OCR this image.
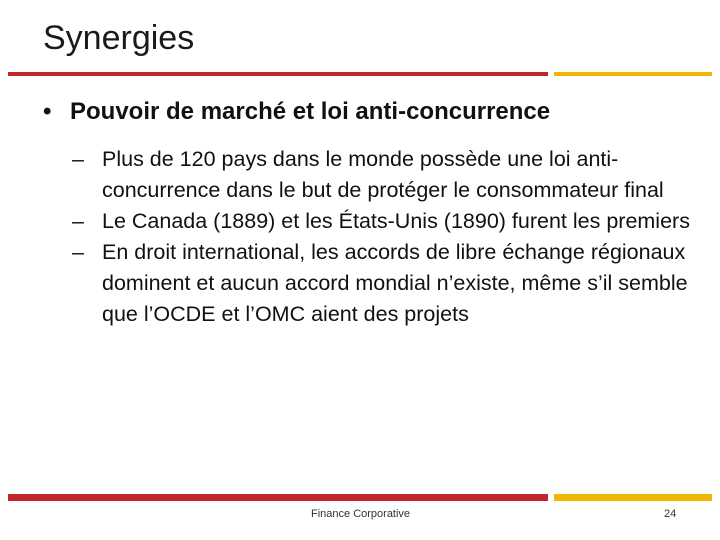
Synergies
• Pouvoir de marché et loi anti-concurrence
– Plus de 120 pays dans le monde possède une loi anti-concurrence dans le but de protéger le consommateur final
– Le Canada (1889) et les États-Unis (1890) furent les premiers
– En droit international, les accords de libre échange régionaux dominent et aucun accord mondial n’existe, même s’il semble que l’OCDE et l’OMC aient des projets
Finance Corporative	24
